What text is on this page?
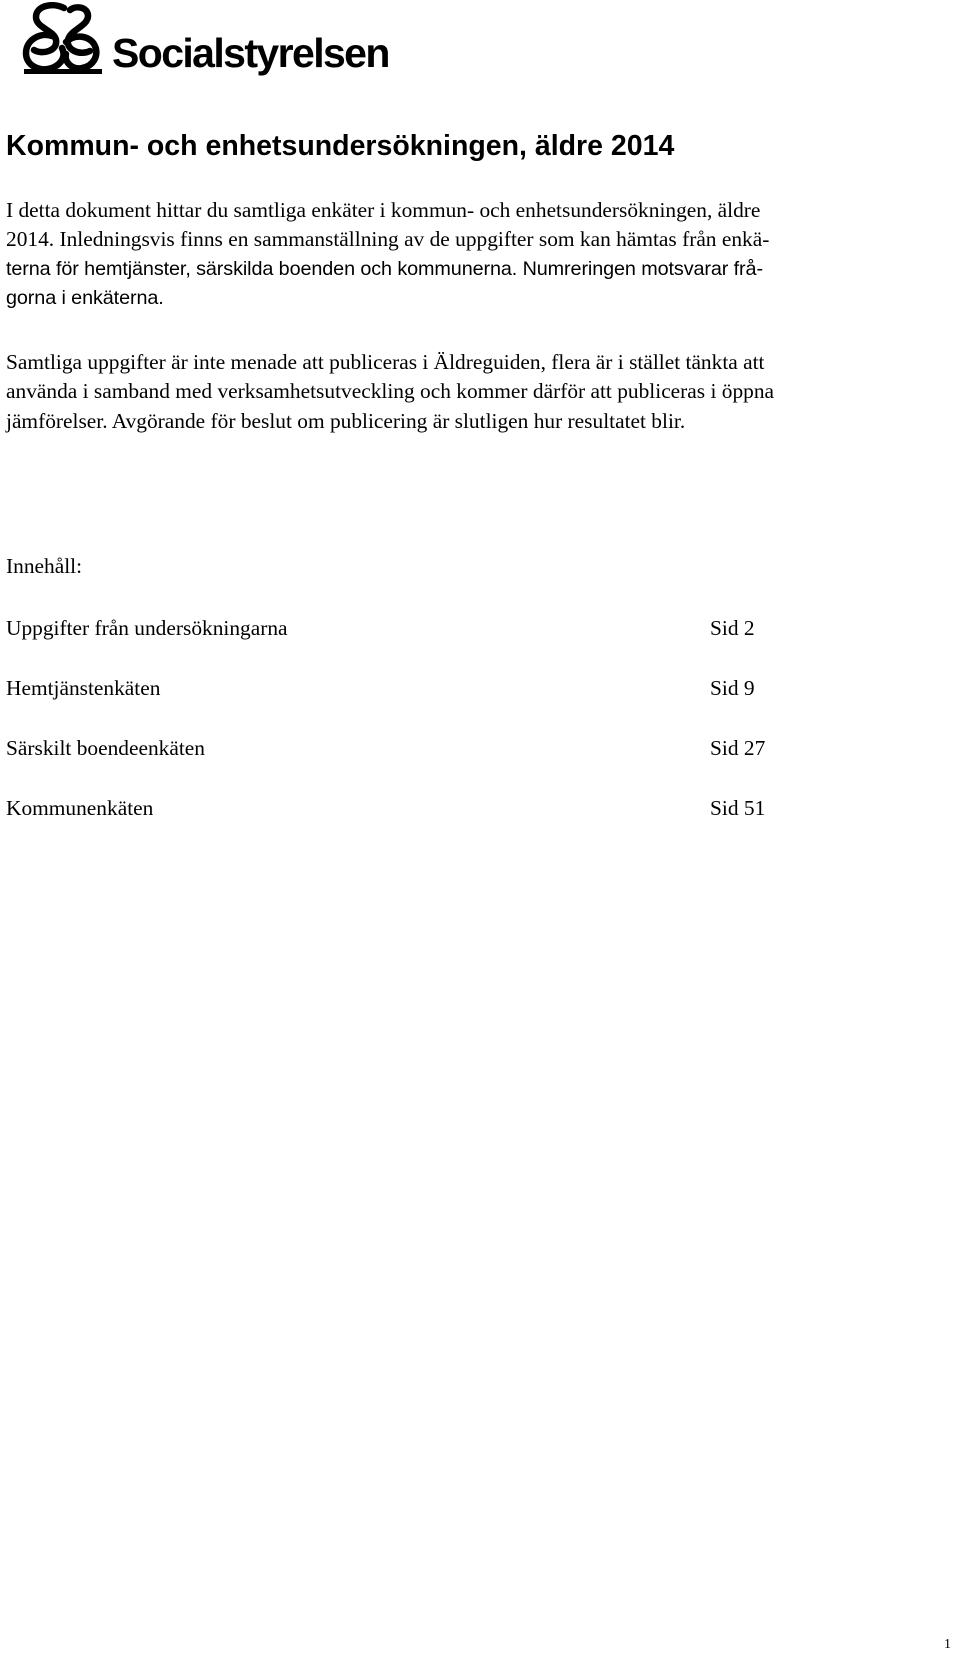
Socialstyrelsen
Kommun- och enhetsundersökningen, äldre 2014
I detta dokument hittar du samtliga enkäter i kommun- och enhetsundersökningen, äldre
2014. Inledningsvis finns en sammanställning av de uppgifter som kan hämtas från enkä-
terna för hemtjänster, särskilda boenden och kommunerna. Numreringen motsvarar frå-
gorna i enkäterna.
Samtliga uppgifter är inte menade att publiceras i Äldreguiden, flera är i stället tänkta att
använda i samband med verksamhetsutveckling och kommer därför att publiceras i öppna
jämförelser. Avgörande för beslut om publicering är slutligen hur resultatet blir.
Innehåll:
Uppgifter från undersökningarna	Sid 2
Hemtjänstenkäten	Sid 9
Särskilt boendeenkäten	Sid 27
Kommunenkäten	Sid 51
1
